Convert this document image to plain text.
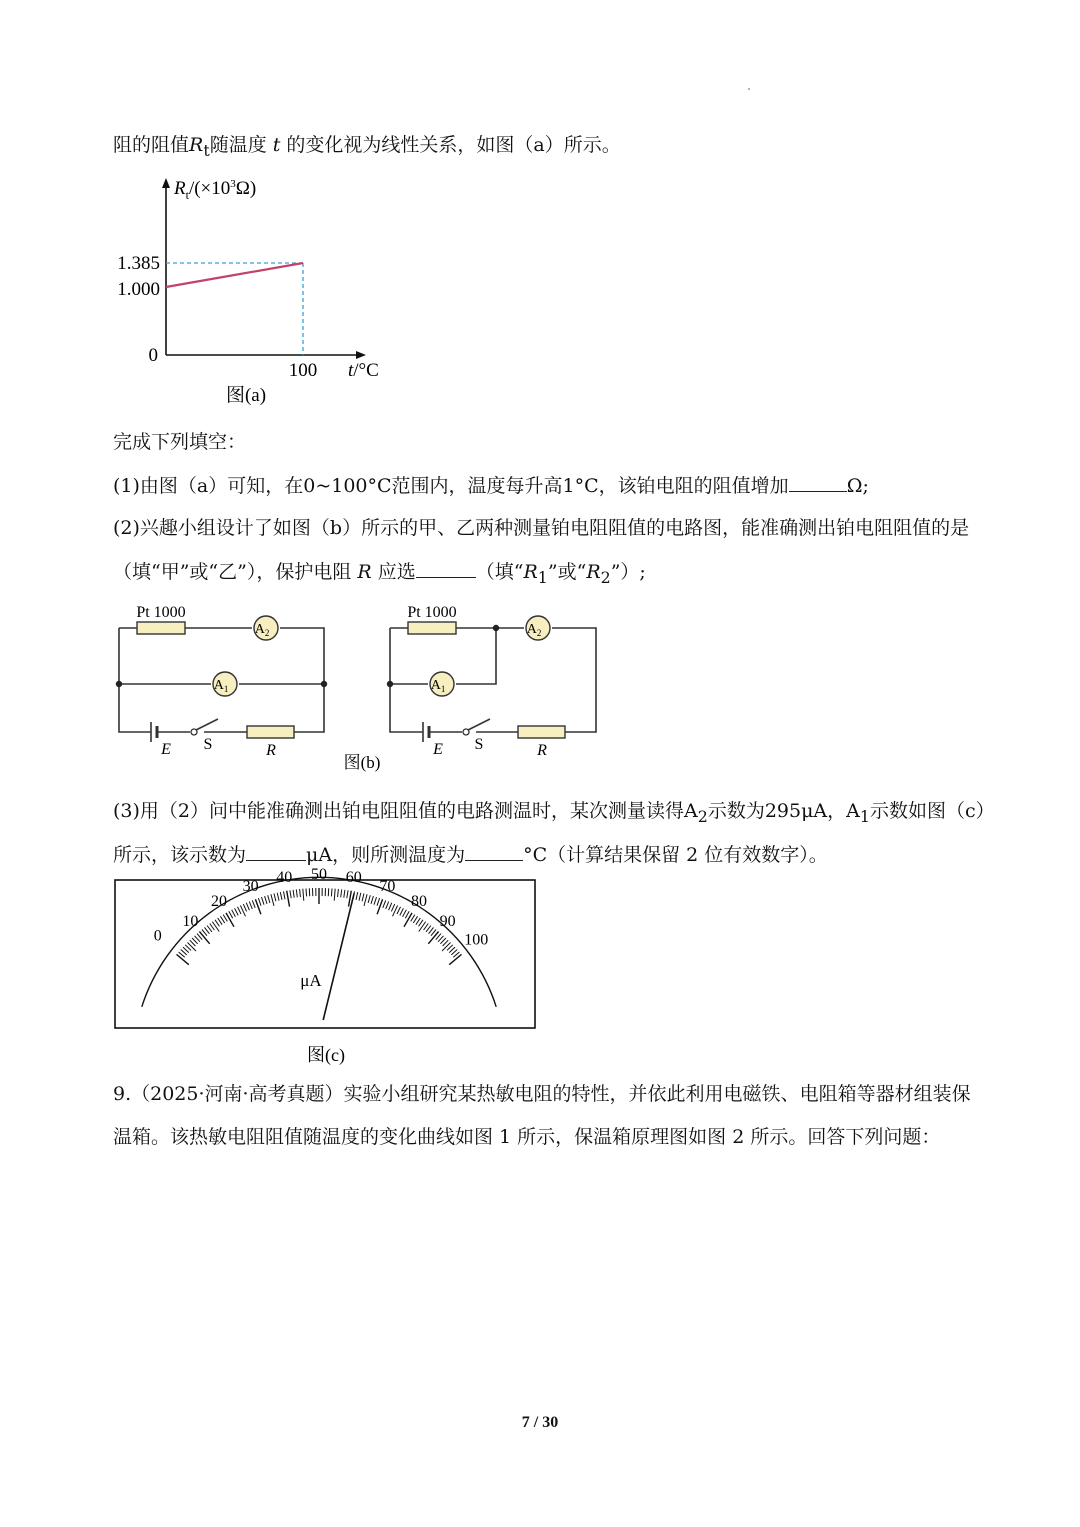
阻的阻值$R_t$随温度 t 的变化视为线性关系，如图（a）所示。
$R_t/(\times 10^3\Omega)$
1.385
1.000
0
100 t/°C
图(a)
完成下列填空：
(1)由图（a）可知，在0~100°C范围内，温度每升高1°C，该铂电阻的阻值增加	Ω;
(2)兴趣小组设计了如图（b）所示的甲、乙两种测量铂电阻阻值的电路图，能准确测出铂电阻阻值的是
（填“甲”或“乙”），保护电阻 R 应选	（填“$R_1$”或“$R_2$”）;
Pt 1000
$A_2$
$A_1$
E S	R
Pt 1000
$A_2$
$A_1$
E S	R
图(b)
(3)用（2）问中能准确测出铂电阻阻值的电路测温时，某次测量读得$A_2$示数为295μA，$A_1$示数如图（c）
所示，该示数为	μA，则所测温度为	°C（计算结果保留 2 位有效数字）。
0
10
20
30
40 50 60
70
80
90
100
μA
图(c)
9.（2025·河南·高考真题）实验小组研究某热敏电阻的特性，并依此利用电磁铁、电阻箱等器材组装保
温箱。该热敏电阻阻值随温度的变化曲线如图 1 所示，保温箱原理图如图 2 所示。回答下列问题：
7 / 30
